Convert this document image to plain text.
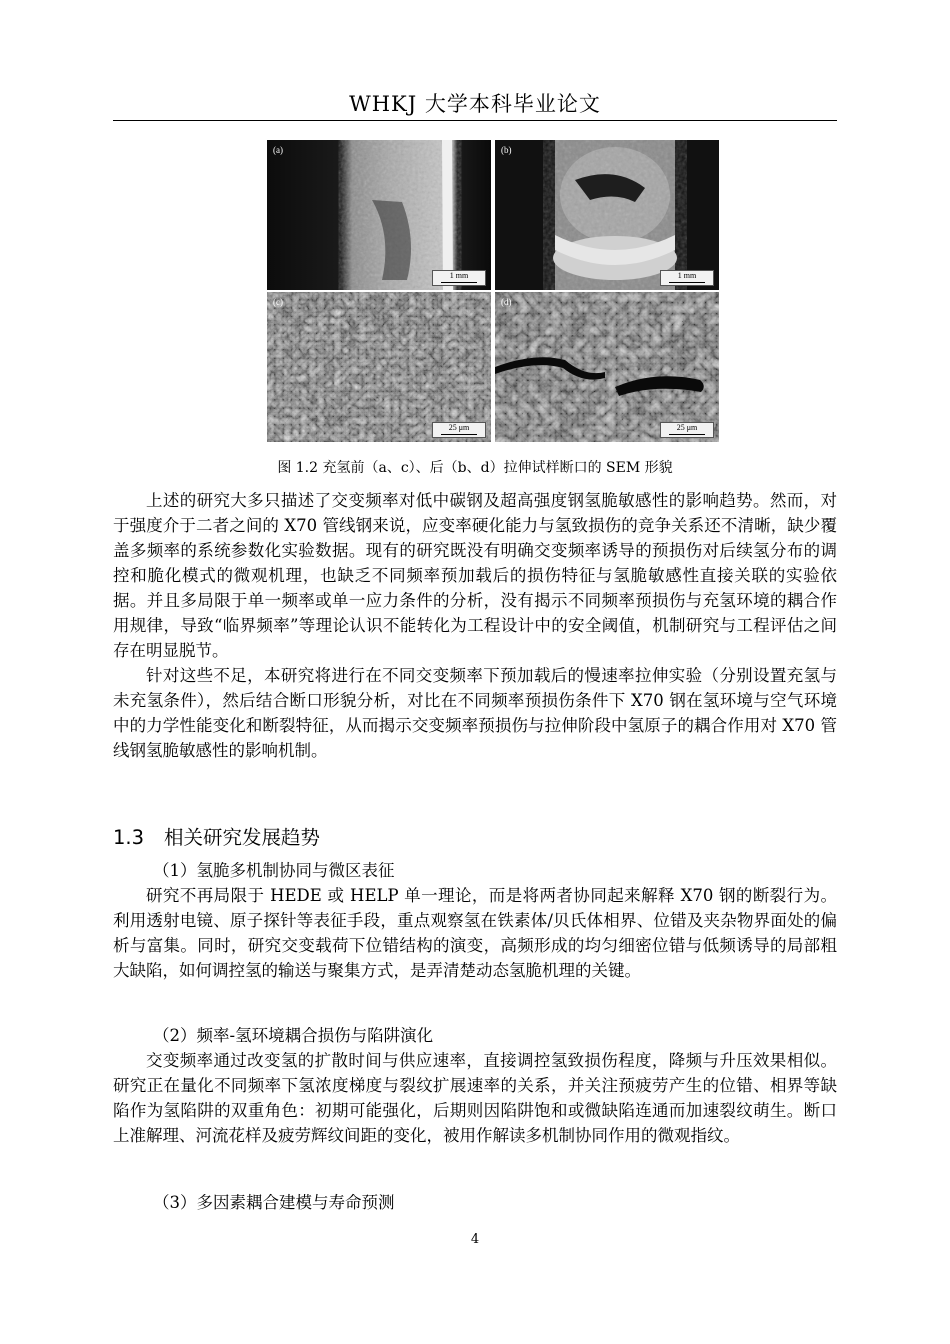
WHKJ 大学本科毕业论文
(a)
1 mm
(b)
1 mm
(c)
25 μm
(d)
25 μm
图 1.2 充氢前（a、c）、后（b、d）拉伸试样断口的 SEM 形貌

上述的研究大多只描述了交变频率对低中碳钢及超高强度钢氢脆敏感性的影响趋势。然而，对于强度介于二者之间的 X70 管线钢来说，应变率硬化能力与氢致损伤的竞争关系还不清晰，缺少覆盖多频率的系统参数化实验数据。现有的研究既没有明确交变频率诱导的预损伤对后续氢分布的调控和脆化模式的微观机理，也缺乏不同频率预加载后的损伤特征与氢脆敏感性直接关联的实验依据。并且多局限于单一频率或单一应力条件的分析，没有揭示不同频率预损伤与充氢环境的耦合作用规律，导致“临界频率”等理论认识不能转化为工程设计中的安全阈值，机制研究与工程评估之间存在明显脱节。

针对这些不足，本研究将进行在不同交变频率下预加载后的慢速率拉伸实验（分别设置充氢与未充氢条件），然后结合断口形貌分析，对比在不同频率预损伤条件下 X70 钢在氢环境与空气环境中的力学性能变化和断裂特征，从而揭示交变频率预损伤与拉伸阶段中氢原子的耦合作用对 X70 管线钢氢脆敏感性的影响机制。

1.3 相关研究发展趋势
（1）氢脆多机制协同与微区表征

研究不再局限于 HEDE 或 HELP 单一理论，而是将两者协同起来解释 X70 钢的断裂行为。利用透射电镜、原子探针等表征手段，重点观察氢在铁素体/贝氏体相界、位错及夹杂物界面处的偏析与富集。同时，研究交变载荷下位错结构的演变，高频形成的均匀细密位错与低频诱导的局部粗大缺陷，如何调控氢的输送与聚集方式，是弄清楚动态氢脆机理的关键。

（2）频率-氢环境耦合损伤与陷阱演化

交变频率通过改变氢的扩散时间与供应速率，直接调控氢致损伤程度，降频与升压效果相似。研究正在量化不同频率下氢浓度梯度与裂纹扩展速率的关系，并关注预疲劳产生的位错、相界等缺陷作为氢陷阱的双重角色：初期可能强化，后期则因陷阱饱和或微缺陷连通而加速裂纹萌生。断口上准解理、河流花样及疲劳辉纹间距的变化，被用作解读多机制协同作用的微观指纹。

（3）多因素耦合建模与寿命预测
4
